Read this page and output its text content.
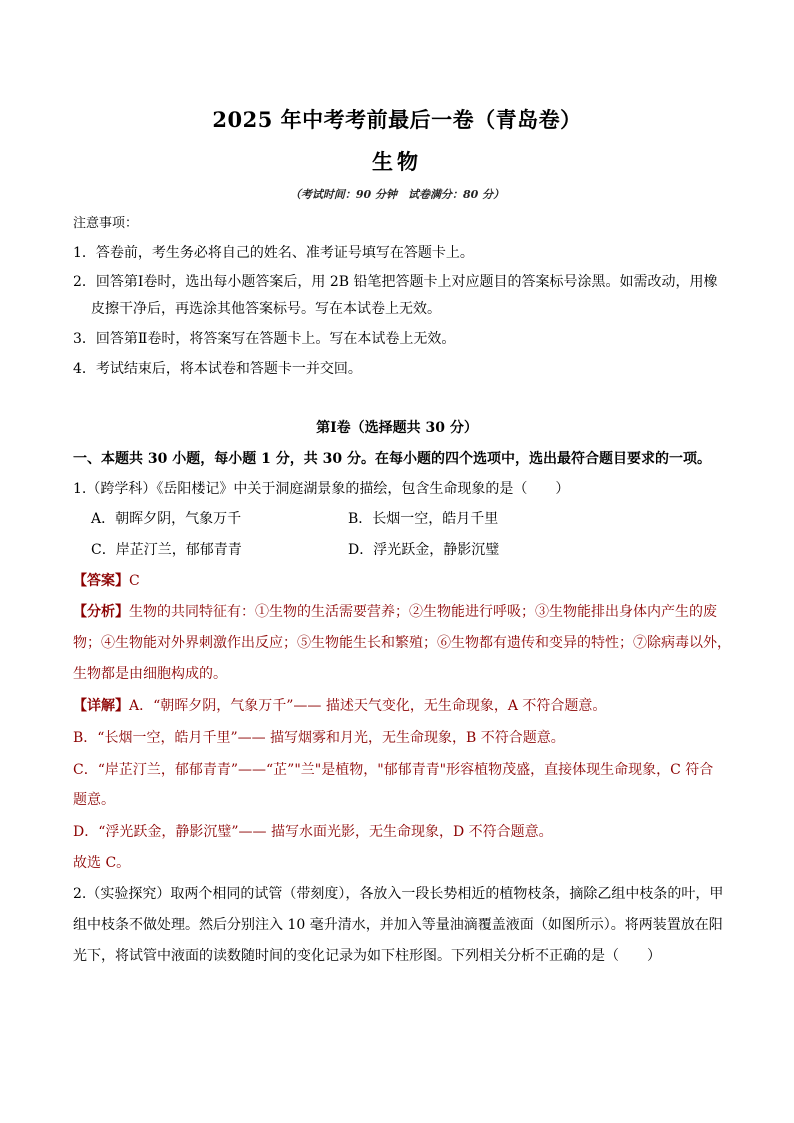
2025 年中考考前最后一卷（青岛卷）
生物
（考试时间：90 分钟　试卷满分：80 分）
注意事项：
1．答卷前，考生务必将自己的姓名、准考证号填写在答题卡上。
2．回答第Ⅰ卷时，选出每小题答案后，用 2B 铅笔把答题卡上对应题目的答案标号涂黑。如需改动，用橡
皮擦干净后，再选涂其他答案标号。写在本试卷上无效。
3．回答第Ⅱ卷时，将答案写在答题卡上。写在本试卷上无效。
4．考试结束后，将本试卷和答题卡一并交回。
第Ⅰ卷（选择题共 30 分）
一、本题共 30 小题，每小题 1 分，共 30 分。在每小题的四个选项中，选出最符合题目要求的一项。
1.（跨学科）《岳阳楼记》中关于洞庭湖景象的描绘，包含生命现象的是（　　）
A．朝晖夕阴，气象万千	B．长烟一空，皓月千里
C．岸芷汀兰，郁郁青青	D．浮光跃金，静影沉璧
【答案】C
【分析】生物的共同特征有：①生物的生活需要营养；②生物能进行呼吸；③生物能排出身体内产生的废
物；④生物能对外界刺激作出反应；⑤生物能生长和繁殖；⑥生物都有遗传和变异的特性；⑦除病毒以外，
生物都是由细胞构成的。
【详解】A．“朝晖夕阴，气象万千”—— 描述天气变化，无生命现象，A 不符合题意。
B．“长烟一空，皓月千里”—— 描写烟雾和月光，无生命现象，B 不符合题意。
C．“岸芷汀兰，郁郁青青”——“芷”"兰"是植物，"郁郁青青"形容植物茂盛，直接体现生命现象，C 符合
题意。
D．“浮光跃金，静影沉璧”—— 描写水面光影，无生命现象，D 不符合题意。
故选 C。
2.（实验探究）取两个相同的试管（带刻度），各放入一段长势相近的植物枝条，摘除乙组中枝条的叶，甲
组中枝条不做处理。然后分别注入 10 毫升清水，并加入等量油滴覆盖液面（如图所示）。将两装置放在阳
光下，将试管中液面的读数随时间的变化记录为如下柱形图。下列相关分析不正确的是（　　）
